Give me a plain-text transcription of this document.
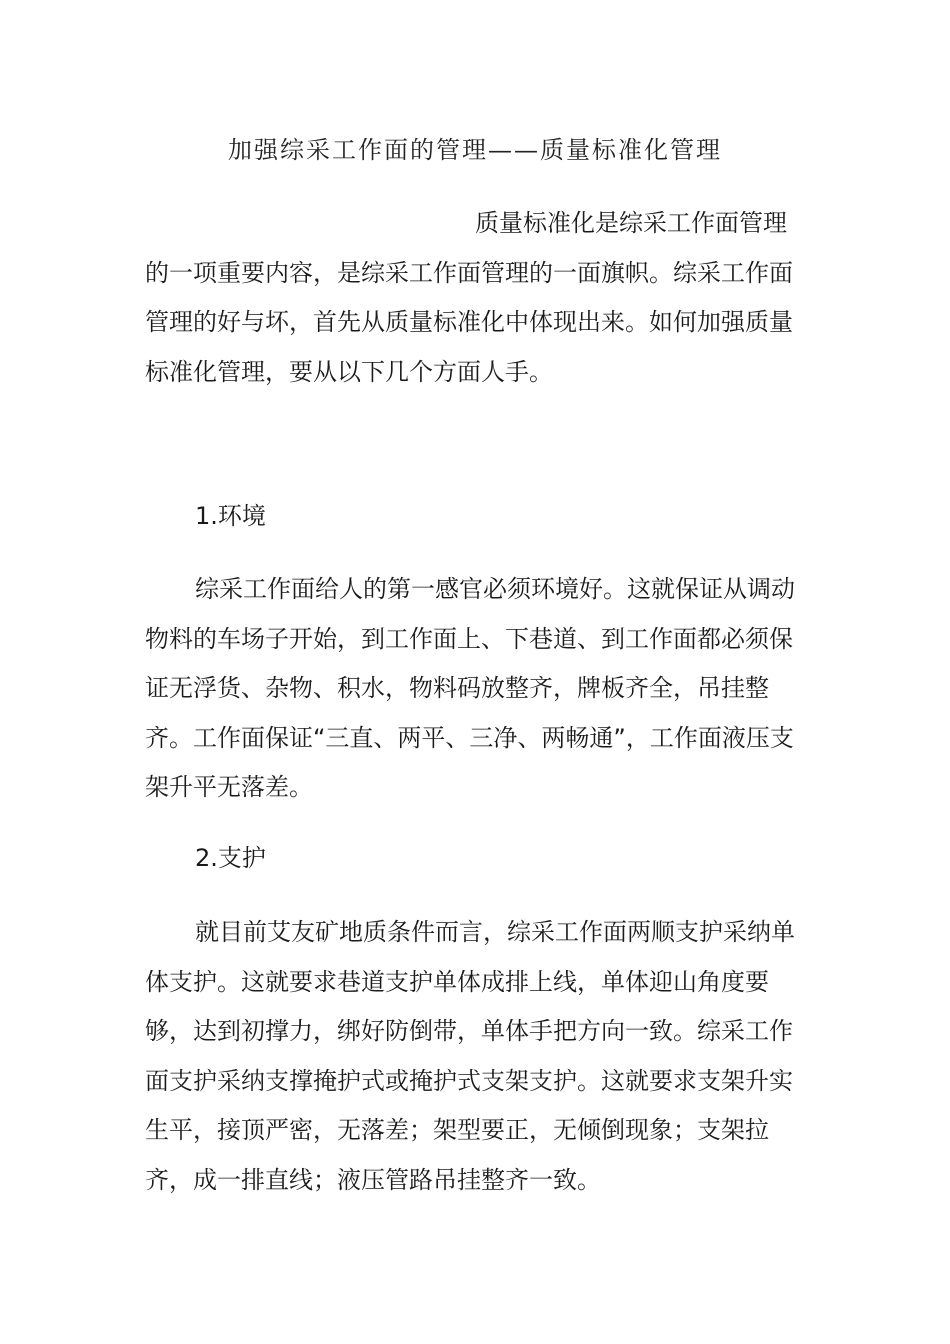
加强综采工作面的管理——质量标准化管理

质量标准化是综采工作面管理的一项重要内容，是综采工作面管理的一面旗帜。综采工作面管理的好与坏，首先从质量标准化中体现出来。如何加强质量标准化管理，要从以下几个方面人手。

1.环境

综采工作面给人的第一感官必须环境好。这就保证从调动物料的车场子开始，到工作面上、下巷道、到工作面都必须保证无浮货、杂物、积水，物料码放整齐，牌板齐全，吊挂整齐。工作面保证“三直、两平、三净、两畅通”，工作面液压支架升平无落差。

2.支护

就目前艾友矿地质条件而言，综采工作面两顺支护采纳单体支护。这就要求巷道支护单体成排上线，单体迎山角度要够，达到初撑力，绑好防倒带，单体手把方向一致。综采工作面支护采纳支撑掩护式或掩护式支架支护。这就要求支架升实生平，接顶严密，无落差；架型要正，无倾倒现象；支架拉齐，成一排直线；液压管路吊挂整齐一致。
